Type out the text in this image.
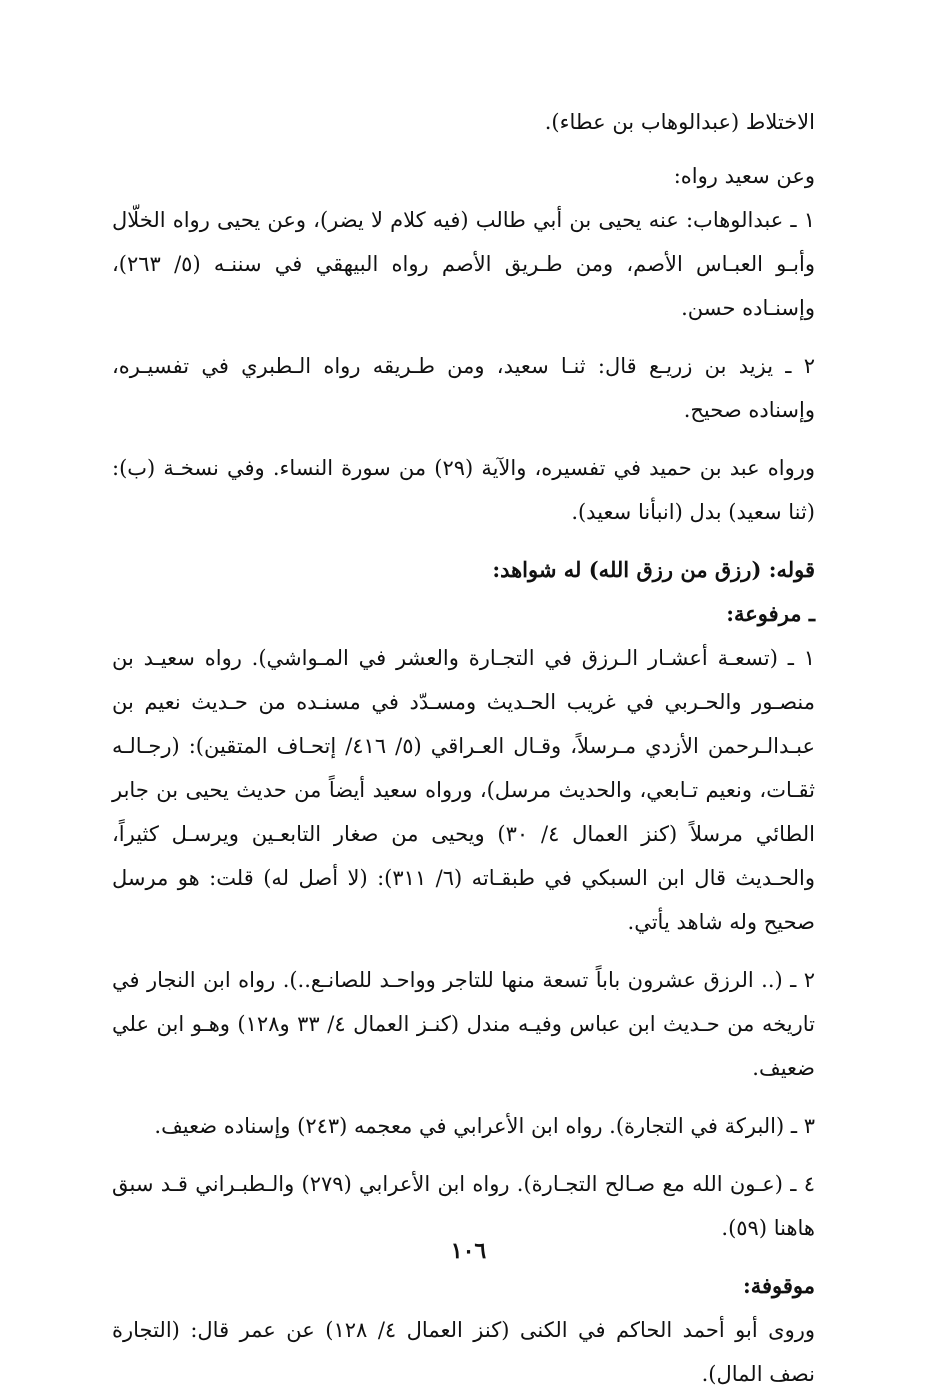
الاختلاط (عبدالوهاب بن عطاء).

وعن سعيد رواه:

١ ـ عبدالوهاب: عنه يحيى بن أبي طالب (فيه كلام لا يضر)، وعن يحيى رواه الخلّال وأبـو العبـاس الأصم، ومن طـريق الأصم رواه البيهقي في سننـه (٥/ ٢٦٣)، وإسنـاده حسن.

٢ ـ يزيد بن زريـع قال: ثنـا سعيد، ومن طـريقه رواه الـطبري في تفسيـره، وإسناده صحيح.

ورواه عبد بن حميد في تفسيره، والآية (٢٩) من سورة النساء. وفي نسخـة (ب): (ثنا سعيد) بدل (انبأنا سعيد).

قوله: (رزق من رزق الله) له شواهد:

ـ مرفوعة:

١ ـ (تسعـة أعشـار الـرزق في التجـارة والعشر في المـواشي). رواه سعيـد بن منصـور والحـربي في غريب الحـديث ومسـدّد في مسنـده من حـديث نعيم بن عبـدالـرحمن الأزدي مـرسلاً، وقـال العـراقي (٥/ ٤١٦/ إتحـاف المتقين): (رجـالـه ثقـات، ونعيم تـابعي، والحديث مرسل)، ورواه سعيد أيضاً من حديث يحيى بن جابر الطائي مرسلاً (كنز العمال ٤/ ٣٠) ويحيى من صغار التابعـين ويرسـل كثيراً، والحـديث قال ابن السبكي في طبقـاته (٦/ ٣١١): (لا أصل له) قلت: هو مرسل صحيح وله شاهد يأتي.

٢ ـ (.. الرزق عشرون باباً تسعة منها للتاجر وواحـد للصانـع..). رواه ابن النجار في تاريخه من حـديث ابن عباس وفيـه مندل (كنـز العمال ٤/ ٣٣ و١٢٨) وهـو ابن علي ضعيف.

٣ ـ (البركة في التجارة). رواه ابن الأعرابي في معجمه (٢٤٣) وإسناده ضعيف.

٤ ـ (عـون الله مع صـالح التجـارة). رواه ابن الأعرابي (٢٧٩) والـطبـراني قـد سبق هاهنا (٥٩).

موقوفة:

وروى أبو أحمد الحاكم في الكنى (كنز العمال ٤/ ١٢٨) عن عمر قال: (التجارة نصف المال).

١٠٦
